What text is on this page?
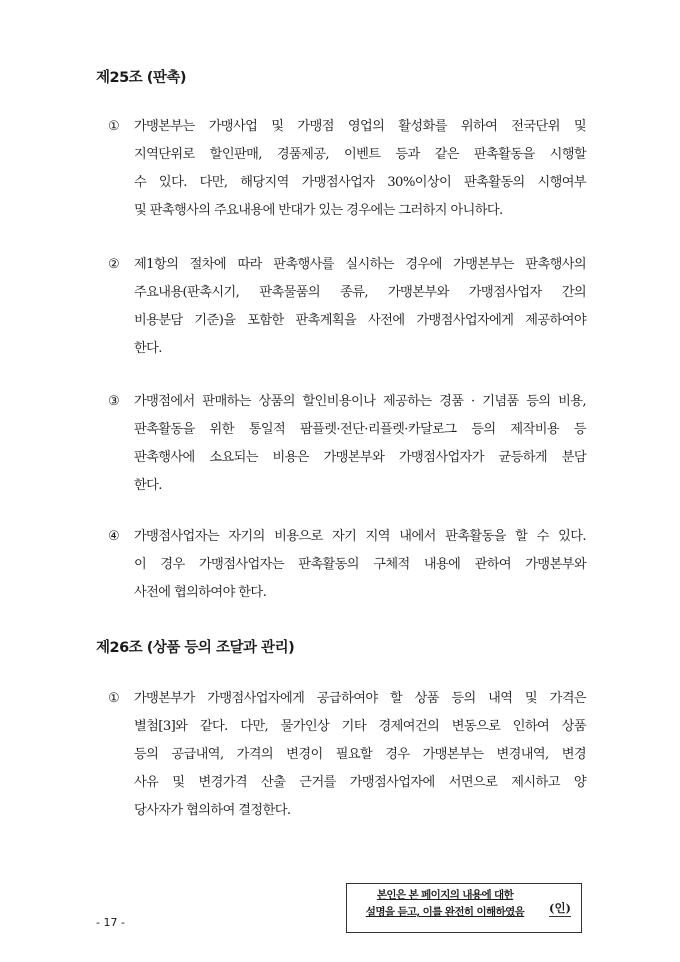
제25조 (판촉)
① 가맹본부는 가맹사업 및 가맹점 영업의 활성화를 위하여 전국단위 및
지역단위로 할인판매, 경품제공, 이벤트 등과 같은 판촉활동을 시행할
수 있다. 다만, 해당지역 가맹점사업자 30%이상이 판촉활동의 시행여부
및 판촉행사의 주요내용에 반대가 있는 경우에는 그러하지 아니하다.
② 제1항의 절차에 따라 판촉행사를 실시하는 경우에 가맹본부는 판촉행사의
주요내용(판촉시기, 판촉물품의 종류, 가맹본부와 가맹점사업자 간의
비용분담 기준)을 포함한 판촉계획을 사전에 가맹점사업자에게 제공하여야
한다.
③ 가맹점에서 판매하는 상품의 할인비용이나 제공하는 경품 · 기념품 등의 비용,
판촉활동을 위한 통일적 팜플렛·전단·리플렛·카달로그 등의 제작비용 등
판촉행사에 소요되는 비용은 가맹본부와 가맹점사업자가 균등하게 분담
한다.
④ 가맹점사업자는 자기의 비용으로 자기 지역 내에서 판촉활동을 할 수 있다.
이 경우 가맹점사업자는 판촉활동의 구체적 내용에 관하여 가맹본부와
사전에 협의하여야 한다.
제26조 (상품 등의 조달과 관리)
① 가맹본부가 가맹점사업자에게 공급하여야 할 상품 등의 내역 및 가격은
별첨[3]와 같다. 다만, 물가인상 기타 경제여건의 변동으로 인하여 상품
등의 공급내역, 가격의 변경이 필요할 경우 가맹본부는 변경내역, 변경
사유 및 변경가격 산출 근거를 가맹점사업자에 서면으로 제시하고 양
당사자가 협의하여 결정한다.
- 17 -
본인은 본 페이지의 내용에 대한
설명을 듣고, 이를 완전히 이해하였음	(인)
